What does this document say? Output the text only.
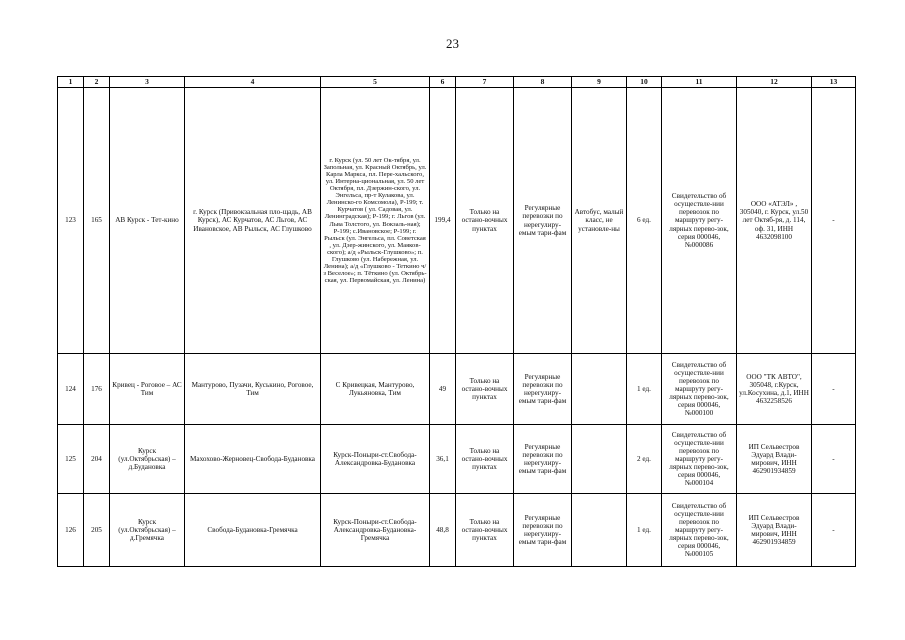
23
1	2	3	4	5	6	7	8	9	10	11	12	13
123	165	АВ Курск - Тет-кино	г. Курск (Привокзальная пло-щадь, АВ Курск), АС Курчатов, АС Льгов, АС Ивановское, АВ Рыльск, АС Глушково	г. Курск (ул. 50 лет Ок-тября, ул. Запольная, ул. Красный Октябрь, ул. Карла Маркса, пл. Пере-хальского, ул. Интерна-циональная, ул. 50 лет Октября, пл. Дзержин-ского, ул. Энгельса, пр-т Кулакова, ул. Ленинско-го Комсомола), Р-199; т. Курчатов ( ул. Садовая, ул. Ленинградская); Р-199; г. Льгов (ул. Льва Толстого, ул. Вокзаль-ная); Р-199; с.Ивановское; Р-199; г. Рыльск (ул. Энгельса, пл. Советская , ул. Дзер-жинского, ул. Маяков-ского); а/д «Рыльск-Глушково»; п. Глушково (ул. Набережная, ул. Ленина); а/д «Глушково - Теткино ч/з Веселое»; п. Тёткино (ул. Октябрь-ская, ул. Первомайская, ул. Ленина)	199,4	Только на остано-вочных пунктах	Регулярные перевозки по нерегулиру-емым тари-фам	Автобус, малый класс, не установле-ны	6 ед.	Свидетельство об осуществле-нии перевозок по маршруту регу-лярных перево-зок, серия 000046, №000086	ООО «АТЭЛ» , 305040, г. Курск, ул.50 лет Октяб-ря, д. 114, оф. 31, ИНН 4632098100	-
124	176	Кривец - Роговое – АС Тим	Мантурово, Пузачи, Куськино, Роговое, Тим	С Кривецкая, Мантурово, Лукьяновка, Тим	49	Только на остано-вочных пунктах	Регулярные перевозки по нерегулиру-емым тари-фам		1 ед.	Свидетельство об осуществле-нии перевозок по маршруту регу-лярных перево-зок, серия 000046, №000100	ООО "ТК АВТО", 305048, г.Курск, ул.Косухина, д.1, ИНН 4632258526	-
125	204	Курск (ул.Октябрьская) – д.Будановка	Махохово-Жерновец-Свобода-Будановка	Курск-Поныри-ст.Свобода-Александровка-Будановка	36,1	Только на остано-вочных пунктах	Регулярные перевозки по нерегулиру-емым тари-фам		2 ед.	Свидетельство об осуществле-нии перевозок по маршруту регу-лярных перево-зок, серия 000046, №000104	ИП Сельвестров Эдуард Влади-мирович, ИНН 462901934859	-
126	205	Курск (ул.Октябрьская) – д.Гремячка	Свобода-Будановка-Гремячка	Курск-Поныри-ст.Свобода-Александровка-Будановка-Гремячка	48,8	Только на остано-вочных пунктах	Регулярные перевозки по нерегулиру-емым тари-фам		1 ед.	Свидетельство об осуществле-нии перевозок по маршруту регу-лярных перево-зок, серия 000046, №000105	ИП Сельвестров Эдуард Влади-мирович, ИНН 462901934859	-
